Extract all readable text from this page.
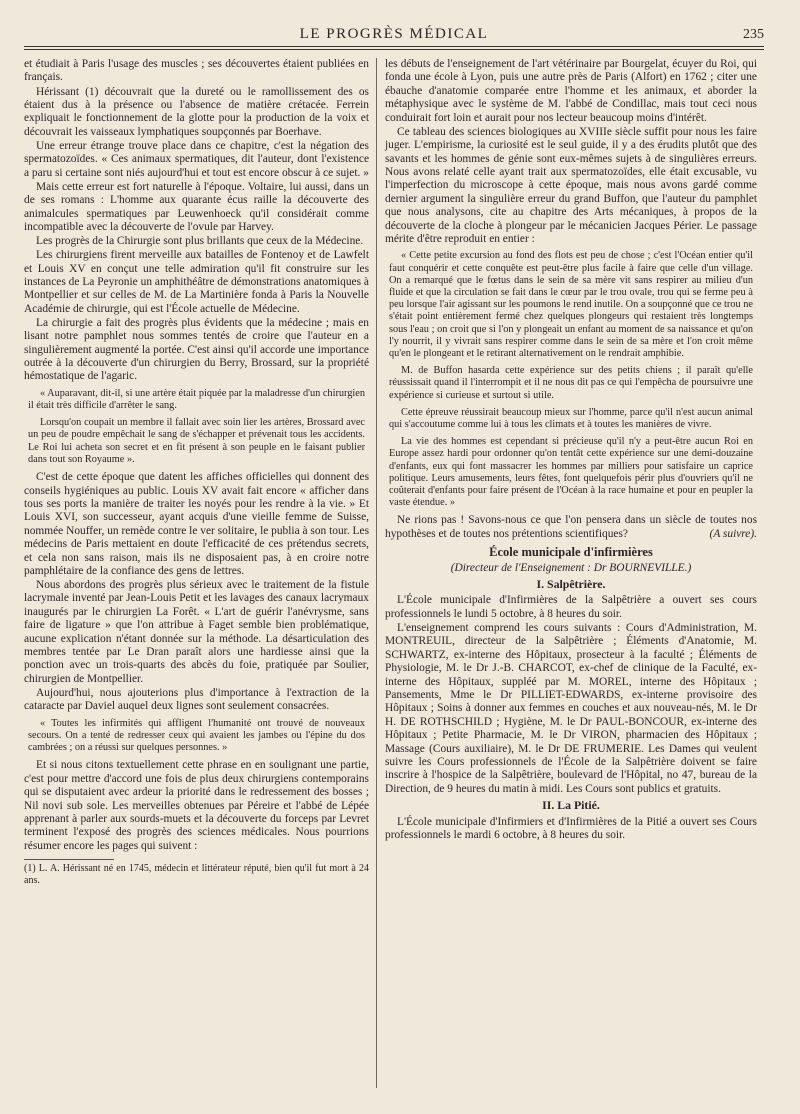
LE PROGRÈS MÉDICAL	235

et étudiait à Paris l'usage des muscles ; ses découvertes étaient publiées en français.

Hérissant (1) découvrait que la dureté ou le ramollissement des os étaient dus à la présence ou l'absence de matière crétacée. Ferrein expliquait le fonctionnement de la glotte pour la production de la voix et découvrait les vaisseaux lymphatiques soupçonnés par Boerhave.

Une erreur étrange trouve place dans ce chapitre, c'est la négation des spermatozoïdes. « Ces animaux spermatiques, dit l'auteur, dont l'existence a paru si certaine sont niés aujourd'hui et tout est encore obscur à ce sujet. »

Mais cette erreur est fort naturelle à l'époque. Voltaire, lui aussi, dans un de ses romans : L'homme aux quarante écus raille la découverte des animalcules spermatiques par Leuwenhoeck qu'il considérait comme incompatible avec la découverte de l'ovule par Harvey.

Les progrès de la Chirurgie sont plus brillants que ceux de la Médecine.

Les chirurgiens firent merveille aux batailles de Fontenoy et de Lawfelt et Louis XV en conçut une telle admiration qu'il fit construire sur les instances de La Peyronie un amphithéâtre de démonstrations anatomiques à Montpellier et sur celles de M. de La Martinière fonda à Paris la Nouvelle Académie de chirurgie, qui est l'École actuelle de Médecine.

La chirurgie a fait des progrès plus évidents que la médecine ; mais en lisant notre pamphlet nous sommes tentés de croire que l'auteur en a singulièrement augmenté la portée. C'est ainsi qu'il accorde une importance outrée à la découverte d'un chirurgien du Berry, Brossard, sur la propriété hémostatique de l'agaric.

« Auparavant, dit-il, si une artère était piquée par la maladresse d'un chirurgien il était très difficile d'arrêter le sang.

Lorsqu'on coupait un membre il fallait avec soin lier les artères, Brossard avec un peu de poudre empêchait le sang de s'échapper et prévenait tous les accidents. Le Roi lui acheta son secret et en fit présent à son peuple en le faisant publier dans tout son Royaume ».

C'est de cette époque que datent les affiches officielles qui donnent des conseils hygiéniques au public. Louis XV avait fait encore « afficher dans tous ses ports la manière de traiter les noyés pour les rendre à la vie. » Et Louis XVI, son successeur, ayant acquis d'une vieille femme de Suisse, nommée Nouffer, un remède contre le ver solitaire, le publia à son tour. Les médecins de Paris mettaient en doute l'efficacité de ces prétendus secrets, et cela non sans raison, mais ils ne disposaient pas, à en croire notre pamphlétaire de la confiance des gens de lettres.

Nous abordons des progrès plus sérieux avec le traitement de la fistule lacrymale inventé par Jean-Louis Petit et les lavages des canaux lacrymaux inaugurés par le chirurgien La Forêt. « L'art de guérir l'anévrysme, sans faire de ligature » que l'on attribue à Faget semble bien problématique, aucune explication n'étant donnée sur la méthode. La désarticulation des membres tentée par Le Dran paraît alors une hardiesse ainsi que la ponction avec un trois-quarts des abcès du foie, pratiquée par Soulier, chirurgien de Montpellier.

Aujourd'hui, nous ajouterions plus d'importance à l'extraction de la cataracte par Daviel auquel deux lignes sont seulement consacrées.

« Toutes les infirmités qui affligent l'humanité ont trouvé de nouveaux secours. On a tenté de redresser ceux qui avaient les jambes ou l'épine du dos cambrées ; on a réussi sur quelques personnes. »

Et si nous citons textuellement cette phrase en en soulignant une partie, c'est pour mettre d'accord une fois de plus deux chirurgiens contemporains qui se disputaient avec ardeur la priorité dans le redressement des bosses ; Nil novi sub sole. Les merveilles obtenues par Péreire et l'abbé de Lépée apprenant à parler aux sourds-muets et la découverte du forceps par Levret terminent l'exposé des progrès des sciences médicales. Nous pourrions résumer encore les pages qui suivent :

(1) L. A. Hérissant né en 1745, médecin et littérateur réputé, bien qu'il fut mort à 24 ans.

les débuts de l'enseignement de l'art vétérinaire par Bourgelat, écuyer du Roi, qui fonda une école à Lyon, puis une autre près de Paris (Alfort) en 1762 ; citer une ébauche d'anatomie comparée entre l'homme et les animaux, et aborder la métaphysique avec le système de M. l'abbé de Condillac, mais tout ceci nous conduirait fort loin et aurait pour nos lecteur beaucoup moins d'intérêt.

Ce tableau des sciences biologiques au XVIIIe siècle suffit pour nous les faire juger. L'empirisme, la curiosité est le seul guide, il y a des érudits plutôt que des savants et les hommes de génie sont eux-mêmes sujets à de singulières erreurs. Nous avons relaté celle ayant trait aux spermatozoïdes, elle était excusable, vu l'imperfection du microscope à cette époque, mais nous avons gardé comme dernier argument la singulière erreur du grand Buffon, que l'auteur du pamphlet que nous analysons, cite au chapitre des Arts mécaniques, à propos de la découverte de la cloche à plongeur par le mécanicien Jacques Périer. Le passage mérite d'être reproduit en entier :

« Cette petite excursion au fond des flots est peu de chose ; c'est l'Océan entier qu'il faut conquérir et cette conquête est peut-être plus facile à faire que celle d'un village. On a remarqué que le fœtus dans le sein de sa mère vit sans respirer au milieu d'un fluide et que la circulation se fait dans le cœur par le trou ovale, trou qui se ferme peu à peu lorsque l'air agissant sur les poumons le rend inutile. On a soupçonné que ce trou ne s'était point entièrement fermé chez quelques plongeurs qui restaient très longtemps sous l'eau ; on croit que si l'on y plongeait un enfant au moment de sa naissance et qu'on l'y nourrit, il y vivrait sans respirer comme dans le sein de sa mère et l'on croit même qu'en le plongeant et le retirant alternativement on le rendrait amphibie.

M. de Buffon hasarda cette expérience sur des petits chiens ; il paraît qu'elle réussissait quand il l'interrompit et il ne nous dit pas ce qui l'empêcha de poursuivre une expérience si curieuse et surtout si utile.

Cette épreuve réussirait beaucoup mieux sur l'homme, parce qu'il n'est aucun animal qui s'accoutume comme lui à tous les climats et à toutes les manières de vivre.

La vie des hommes est cependant si précieuse qu'il n'y a peut-être aucun Roi en Europe assez hardi pour ordonner qu'on tentât cette expérience sur une demi-douzaine d'enfants, eux qui font massacrer les hommes par milliers pour satisfaire un caprice politique. Leurs amusements, leurs fêtes, font quelquefois périr plus d'ouvriers qu'il ne coûterait d'enfants pour faire présent de l'Océan à la race humaine et pour en peupler la vaste étendue. »

Ne rions pas ! Savons-nous ce que l'on pensera dans un siècle de toutes nos hypothèses et de toutes nos prétentions scientifiques?	(A suivre).

École municipale d'infirmières

(Directeur de l'Enseignement : Dr BOURNEVILLE.)

I. Salpêtrière.

L'École municipale d'Infirmières de la Salpêtrière a ouvert ses cours professionnels le lundi 5 octobre, à 8 heures du soir.

L'enseignement comprend les cours suivants : Cours d'Administration, M. MONTREUIL, directeur de la Salpêtrière ; Éléments d'Anatomie, M. SCHWARTZ, ex-interne des Hôpitaux, prosecteur à la faculté ; Éléments de Physiologie, M. le Dr J.-B. CHARCOT, ex-chef de clinique de la Faculté, ex-interne des Hôpitaux, suppléé par M. MOREL, interne des Hôpitaux ; Pansements, Mme le Dr PILLIET-EDWARDS, ex-interne provisoire des Hôpitaux ; Soins à donner aux femmes en couches et aux nouveau-nés, M. le Dr H. DE ROTHSCHILD ; Hygiène, M. le Dr PAUL-BONCOUR, ex-interne des Hôpitaux ; Petite Pharmacie, M. le Dr VIRON, pharmacien des Hôpitaux ; Massage (Cours auxiliaire), M. le Dr DE FRUMERIE. Les Dames qui veulent suivre les Cours professionnels de l'École de la Salpêtrière doivent se faire inscrire à l'hospice de la Salpêtrière, boulevard de l'Hôpital, no 47, bureau de la Direction, de 9 heures du matin à midi. Les Cours sont publics et gratuits.

II. La Pitié.

L'École municipale d'Infirmiers et d'Infirmières de la Pitié a ouvert ses Cours professionnels le mardi 6 octobre, à 8 heures du soir.
